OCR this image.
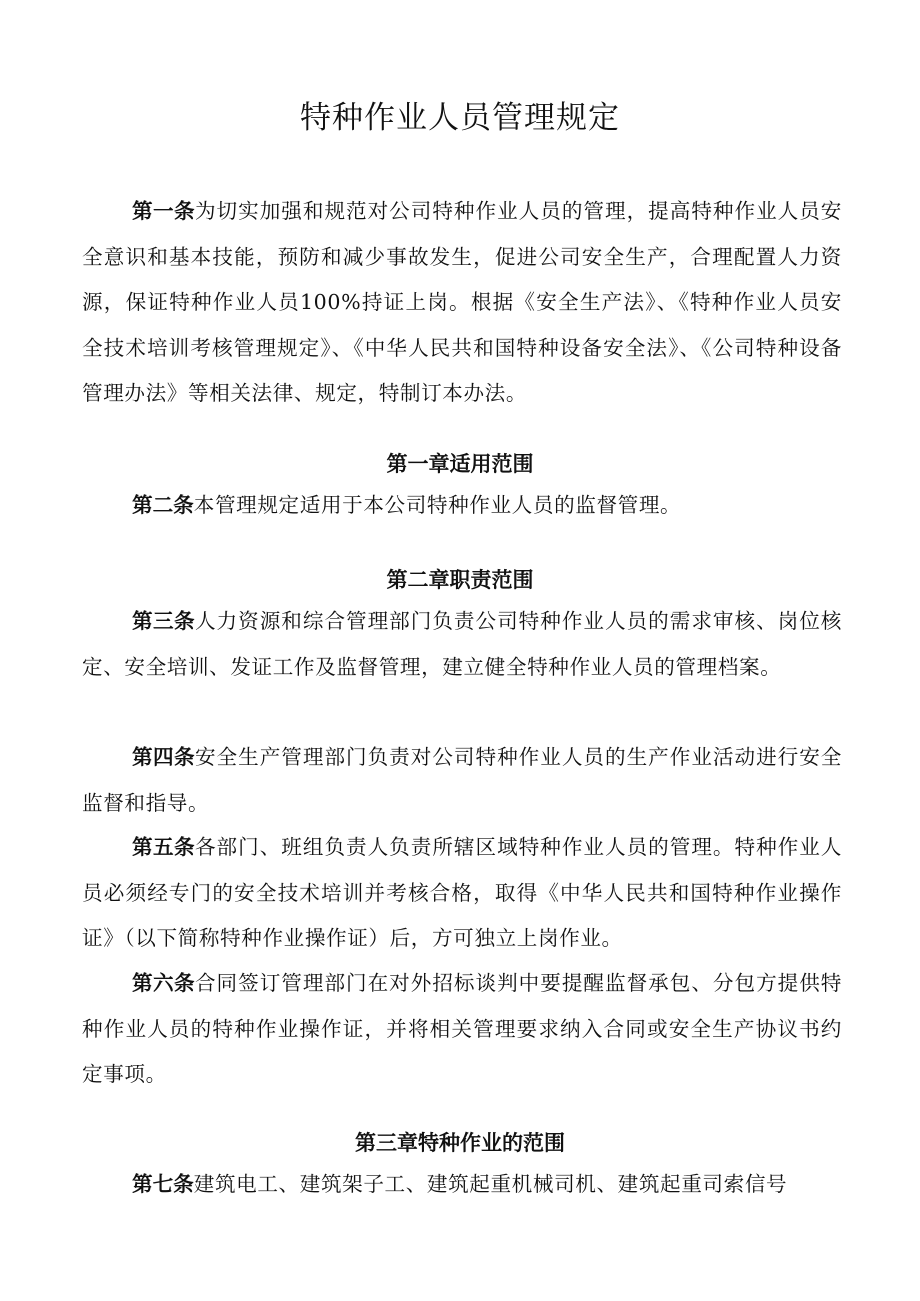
特种作业人员管理规定

第一条为切实加强和规范对公司特种作业人员的管理，提高特种作业人员安全意识和基本技能，预防和减少事故发生，促进公司安全生产，合理配置人力资源，保证特种作业人员100%持证上岗。根据《安全生产法》、《特种作业人员安全技术培训考核管理规定》、《中华人民共和国特种设备安全法》、《公司特种设备管理办法》等相关法律、规定，特制订本办法。

第一章适用范围

第二条本管理规定适用于本公司特种作业人员的监督管理。

第二章职责范围

第三条人力资源和综合管理部门负责公司特种作业人员的需求审核、岗位核定、安全培训、发证工作及监督管理，建立健全特种作业人员的管理档案。

第四条安全生产管理部门负责对公司特种作业人员的生产作业活动进行安全监督和指导。

第五条各部门、班组负责人负责所辖区域特种作业人员的管理。特种作业人员必须经专门的安全技术培训并考核合格，取得《中华人民共和国特种作业操作证》（以下简称特种作业操作证）后，方可独立上岗作业。

第六条合同签订管理部门在对外招标谈判中要提醒监督承包、分包方提供特种作业人员的特种作业操作证，并将相关管理要求纳入合同或安全生产协议书约定事项。

第三章特种作业的范围

第七条建筑电工、建筑架子工、建筑起重机械司机、建筑起重司索信号
